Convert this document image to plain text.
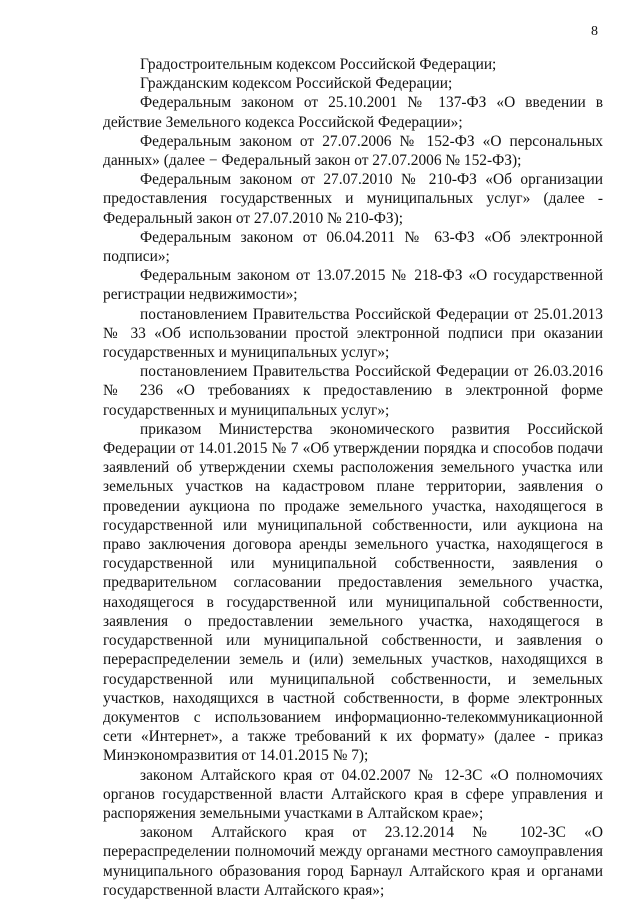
8

Градостроительным кодексом Российской Федерации;

Гражданским кодексом Российской Федерации;

Федеральным законом от 25.10.2001 № 137-ФЗ «О введении в действие Земельного кодекса Российской Федерации»;

Федеральным законом от 27.07.2006 № 152-ФЗ «О персональных данных» (далее − Федеральный закон от 27.07.2006 № 152-ФЗ);

Федеральным законом от 27.07.2010 № 210-ФЗ «Об организации предоставления государственных и муниципальных услуг» (далее - Федеральный закон от 27.07.2010 № 210-ФЗ);

Федеральным законом от 06.04.2011 № 63-ФЗ «Об электронной подписи»;

Федеральным законом от 13.07.2015 № 218-ФЗ «О государственной регистрации недвижимости»;

постановлением Правительства Российской Федерации от 25.01.2013 № 33 «Об использовании простой электронной подписи при оказании государственных и муниципальных услуг»;

постановлением Правительства Российской Федерации от 26.03.2016 № 236 «О требованиях к предоставлению в электронной форме государственных и муниципальных услуг»;

приказом Министерства экономического развития Российской Федерации от 14.01.2015 № 7 «Об утверждении порядка и способов подачи заявлений об утверждении схемы расположения земельного участка или земельных участков на кадастровом плане территории, заявления о проведении аукциона по продаже земельного участка, находящегося в государственной или муниципальной собственности, или аукциона на право заключения договора аренды земельного участка, находящегося в государственной или муниципальной собственности, заявления о предварительном согласовании предоставления земельного участка, находящегося в государственной или муниципальной собственности, заявления о предоставлении земельного участка, находящегося в государственной или муниципальной собственности, и заявления о перераспределении земель и (или) земельных участков, находящихся в государственной или муниципальной собственности, и земельных участков, находящихся в частной собственности, в форме электронных документов с использованием информационно-телекоммуникационной сети «Интернет», а также требований к их формату» (далее - приказ Минэкономразвития от 14.01.2015 № 7);

законом Алтайского края от 04.02.2007 № 12-ЗС «О полномочиях органов государственной власти Алтайского края в сфере управления и распоряжения земельными участками в Алтайском крае»;

законом Алтайского края от 23.12.2014 № 102-ЗС «О перераспределении полномочий между органами местного самоуправления муниципального образования город Барнаул Алтайского края и органами государственной власти Алтайского края»;
